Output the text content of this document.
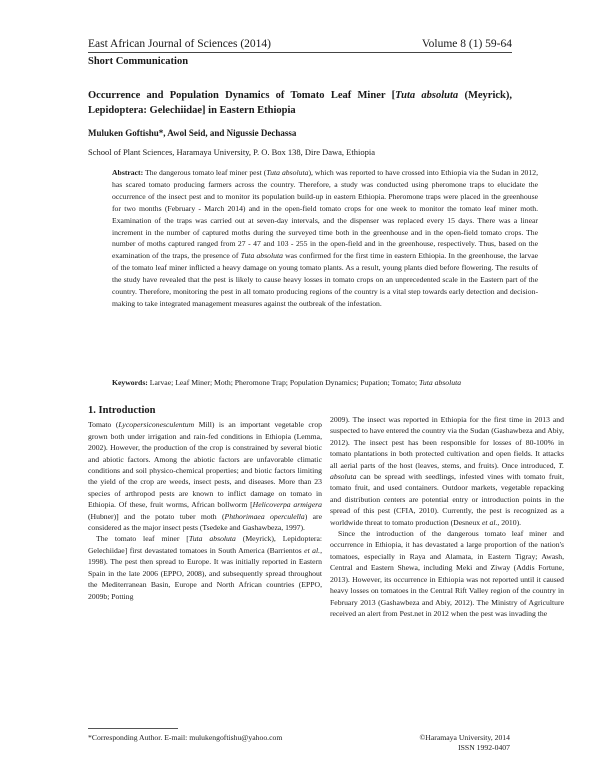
East African Journal of Sciences (2014)	Volume 8 (1) 59-64
Short Communication
Occurrence and Population Dynamics of Tomato Leaf Miner [Tuta absoluta (Meyrick), Lepidoptera: Gelechiidae] in Eastern Ethiopia
Muluken Goftishu*, Awol Seid, and Nigussie Dechassa
School of Plant Sciences, Haramaya University, P. O. Box 138, Dire Dawa, Ethiopia

Abstract: The dangerous tomato leaf miner pest (Tuta absoluta), which was reported to have crossed into Ethiopia via the Sudan in 2012, has scared tomato producing farmers across the country. Therefore, a study was conducted using pheromone traps to elucidate the occurrence of the insect pest and to monitor its population build-up in eastern Ethiopia. Pheromone traps were placed in the greenhouse for two months (February - March 2014) and in the open-field tomato crops for one week to monitor the tomato leaf miner moth. Examination of the traps was carried out at seven-day intervals, and the dispenser was replaced every 15 days. There was a linear increment in the number of captured moths during the surveyed time both in the greenhouse and in the open-field tomato crops. The number of moths captured ranged from 27 - 47 and 103 - 255 in the open-field and in the greenhouse, respectively. Thus, based on the examination of the traps, the presence of Tuta absoluta was confirmed for the first time in eastern Ethiopia. In the greenhouse, the larvae of the tomato leaf miner inflicted a heavy damage on young tomato plants. As a result, young plants died before flowering. The results of the study have revealed that the pest is likely to cause heavy losses in tomato crops on an unprecedented scale in the Eastern part of the country. Therefore, monitoring the pest in all tomato producing regions of the country is a vital step towards early detection and decision-making to take integrated management measures against the outbreak of the infestation.

Keywords: Larvae; Leaf Miner; Moth; Pheromone Trap; Population Dynamics; Pupation; Tomato; Tuta absoluta

1. Introduction

Tomato (Lycopersiconesculentum Mill) is an important vegetable crop grown both under irrigation and rain-fed conditions in Ethiopia (Lemma, 2002). However, the production of the crop is constrained by several biotic and abiotic factors. Among the abiotic factors are unfavorable climatic conditions and soil physico-chemical properties; and biotic factors limiting the yield of the crop are weeds, insect pests, and diseases. More than 23 species of arthropod pests are known to inflict damage on tomato in Ethiopia. Of these, fruit worms, African bollworm [Helicoverpa armigera (Hubner)] and the potato tuber moth (Phthorimaea operculella) are considered as the major insect pests (Tsedeke and Gashawbeza, 1997).

The tomato leaf miner [Tuta absoluta (Meyrick), Lepidoptera: Gelechiidae] first devastated tomatoes in South America (Barrientos et al., 1998). The pest then spread to Europe. It was initially reported in Eastern Spain in the late 2006 (EPPO, 2008), and subsequently spread throughout the Mediterranean Basin, Europe and North African countries (EPPO, 2009b; Potting

2009). The insect was reported in Ethiopia for the first time in 2013 and suspected to have entered the country via the Sudan (Gashawbeza and Abiy, 2012). The insect pest has been responsible for losses of 80-100% in tomato plantations in both protected cultivation and open fields. It attacks all aerial parts of the host (leaves, stems, and fruits). Once introduced, T. absoluta can be spread with seedlings, infested vines with tomato fruit, tomato fruit, and used containers. Outdoor markets, vegetable repacking and distribution centers are potential entry or introduction points in the spread of this pest (CFIA, 2010). Currently, the pest is recognized as a worldwide threat to tomato production (Desneux et al., 2010).

Since the introduction of the dangerous tomato leaf miner and occurrence in Ethiopia, it has devastated a large proportion of the nation's tomatoes, especially in Raya and Alamata, in Eastern Tigray; Awash, Central and Eastern Shewa, including Meki and Ziway (Addis Fortune, 2013). However, its occurrence in Ethiopia was not reported until it caused heavy losses on tomatoes in the Central Rift Valley region of the country in February 2013 (Gashawbeza and Abiy, 2012). The Ministry of Agriculture received an alert from Pest.net in 2012 when the pest was invading the

*Corresponding Author. E-mail: mulukengoftishu@yahoo.com	©Haramaya University, 2014
ISSN 1992-0407
